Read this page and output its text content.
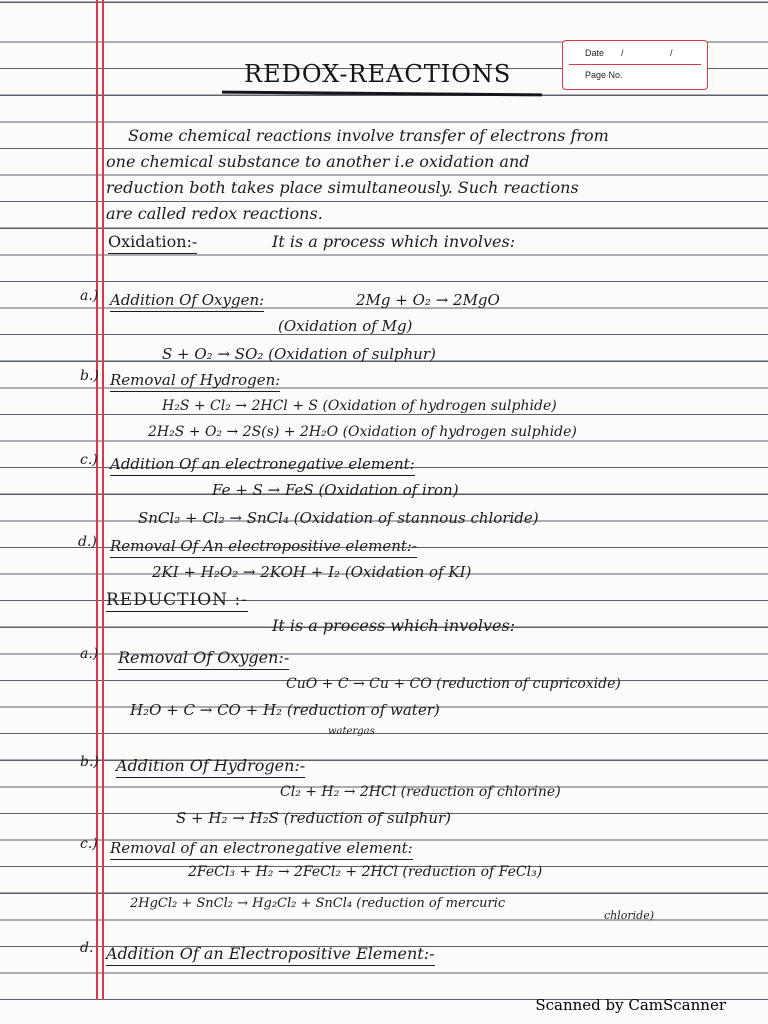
Date / /
Page No.
REDOX-REACTIONS
Some chemical reactions involve transfer of electrons from
one chemical substance to another i.e oxidation and
reduction both takes place simultaneously. Such reactions
are called redox reactions.
Oxidation:-	It is a process which involves:
a.) Addition Of Oxygen:	2Mg + O₂ → 2MgO
(Oxidation of Mg)
S + O₂ → SO₂ (Oxidation of sulphur)
b.) Removal of Hydrogen:
H₂S + Cl₂ → 2HCl + S (Oxidation of hydrogen sulphide)
2H₂S + O₂ → 2S(s) + 2H₂O (Oxidation of hydrogen sulphide)
c.) Addition Of an electronegative element:
Fe + S → FeS (Oxidation of iron)
SnCl₂ + Cl₂ → SnCl₄ (Oxidation of stannous chloride)
d.) Removal Of An electropositive element:-
2KI + H₂O₂ → 2KOH + I₂ (Oxidation of KI)
REDUCTION :-
It is a process which involves:
a.) Removal Of Oxygen:-
CuO + C → Cu + CO (reduction of cupricoxide)
H₂O + C → CO + H₂ (reduction of water)
watergas
b.) Addition Of Hydrogen:-
Cl₂ + H₂ → 2HCl (reduction of chlorine)
S + H₂ → H₂S (reduction of sulphur)
c.) Removal of an electronegative element:
2FeCl₃ + H₂ → 2FeCl₂ + 2HCl (reduction of FeCl₃)
2HgCl₂ + SnCl₂ → Hg₂Cl₂ + SnCl₄ (reduction of mercuric
chloride)
d. Addition Of an Electropositive Element:-
Scanned by CamScanner
